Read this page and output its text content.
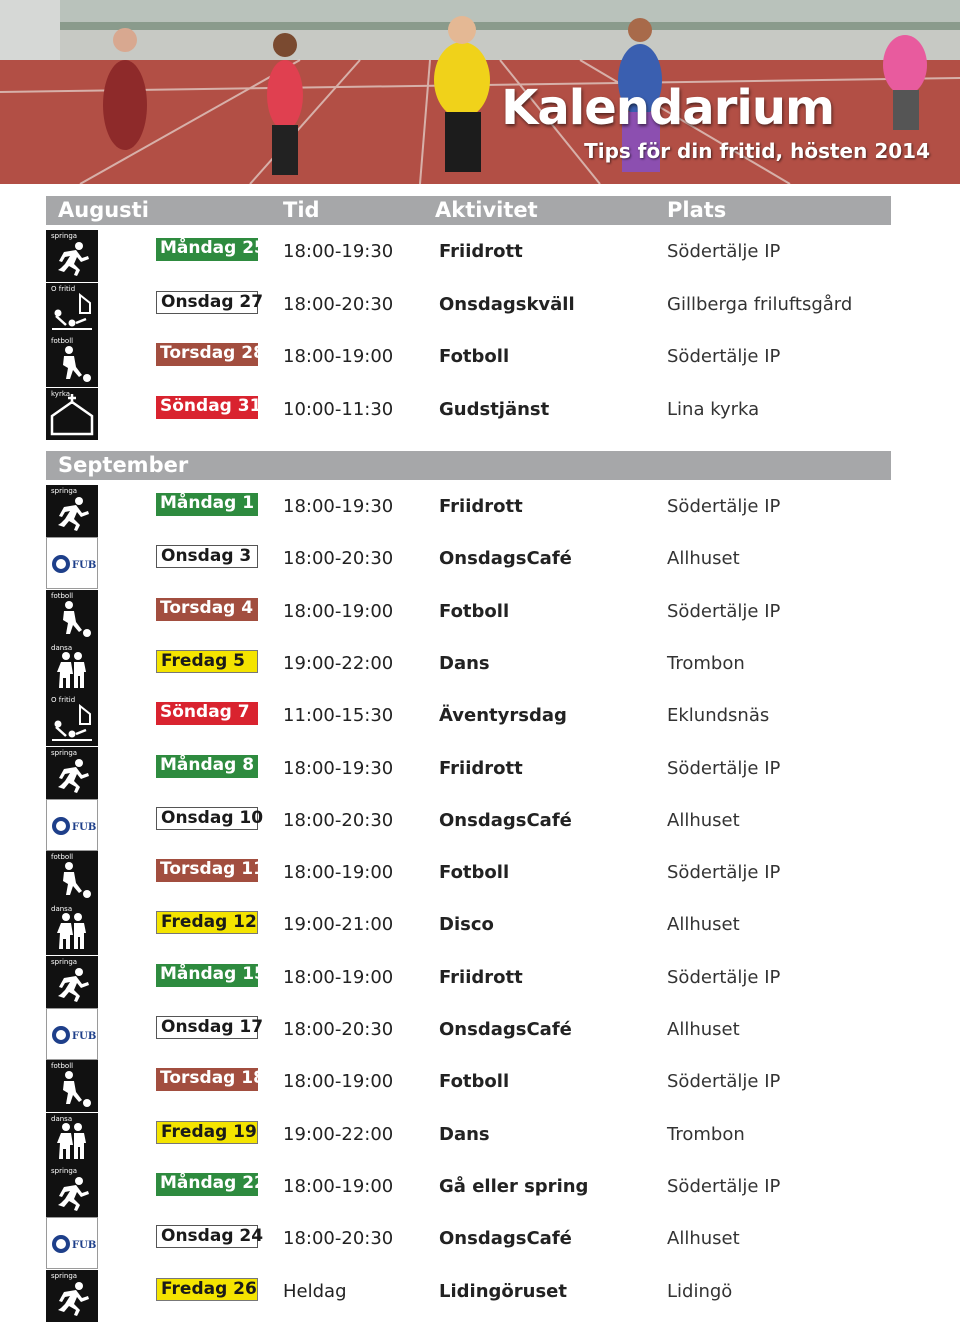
Kalendarium
Tips för din fritid, hösten 2014
Augusti	Tid	Aktivitet	Plats
springa
Måndag 25 18:00-19:30	Friidrott	Södertälje IP
O fritid
Onsdag 27 18:00-20:30	Onsdagskväll	Gillberga friluftsgård
fotboll
Torsdag 28 18:00-19:00	Fotboll	Södertälje IP
kyrka
Söndag 31 10:00-11:30	Gudstjänst	Lina kyrka
September
springa
Måndag 1 18:00-19:30	Friidrott	Södertälje IP
FUB	Onsdag 3	18:00-20:30	OnsdagsCafé	Allhuset
fotboll
Torsdag 4 18:00-19:00	Fotboll	Södertälje IP
dansa
Fredag 5	19:00-22:00	Dans	Trombon
O fritid
Söndag 7	11:00-15:30	Äventyrsdag	Eklundsnäs
springa
Måndag 8 18:00-19:30	Friidrott	Södertälje IP
FUB	Onsdag 10 18:00-20:30	OnsdagsCafé	Allhuset
fotboll
Torsdag 11 18:00-19:00	Fotboll	Södertälje IP
dansa
Fredag 12 19:00-21:00	Disco	Allhuset
springa
Måndag 15 18:00-19:00	Friidrott	Södertälje IP
FUB	Onsdag 17 18:00-20:30	OnsdagsCafé	Allhuset
fotboll
Torsdag 18 18:00-19:00	Fotboll	Södertälje IP
dansa
Fredag 19 19:00-22:00	Dans	Trombon
springa
Måndag 22 18:00-19:00	Gå eller spring	Södertälje IP
FUB	Onsdag 24 18:00-20:30	OnsdagsCafé	Allhuset
springa
Fredag 26 Heldag	Lidingöruset	Lidingö
